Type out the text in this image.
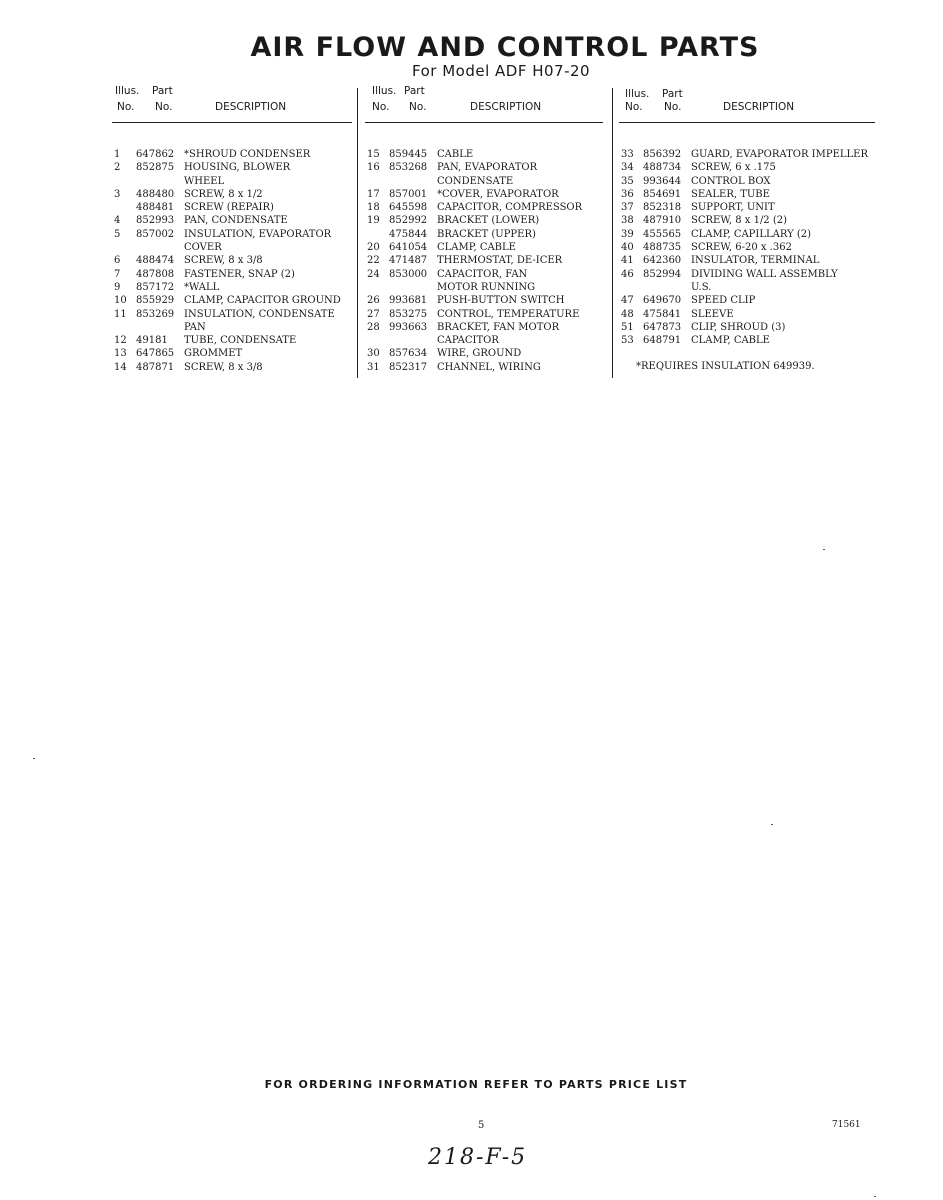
AIR FLOW AND CONTROL PARTS
For Model ADF H07-20
Illus. Part
No. No.	DESCRIPTION
1 647862 *SHROUD CONDENSER
2 852875 HOUSING, BLOWER
WHEEL
3 488480 SCREW, 8 x 1/2
488481 SCREW (REPAIR)
4 852993 PAN, CONDENSATE
5 857002 INSULATION, EVAPORATOR
COVER
6 488474 SCREW, 8 x 3/8
7 487808 FASTENER, SNAP (2)
9 857172 *WALL
10 855929 CLAMP, CAPACITOR GROUND
11 853269 INSULATION, CONDENSATE
PAN
12 49181 TUBE, CONDENSATE
13 647865 GROMMET
14 487871 SCREW, 8 x 3/8
Illus. Part
No. No.	DESCRIPTION
15 859445 CABLE
16 853268 PAN, EVAPORATOR
CONDENSATE
17 857001 *COVER, EVAPORATOR
18 645598 CAPACITOR, COMPRESSOR
19 852992 BRACKET (LOWER)
475844 BRACKET (UPPER)
20 641054 CLAMP, CABLE
22 471487 THERMOSTAT, DE-ICER
24 853000 CAPACITOR, FAN
MOTOR RUNNING
26 993681 PUSH-BUTTON SWITCH
27 853275 CONTROL, TEMPERATURE
28 993663 BRACKET, FAN MOTOR
CAPACITOR
30 857634 WIRE, GROUND
31 852317 CHANNEL, WIRING
Illus. Part
No. No.	DESCRIPTION
33 856392 GUARD, EVAPORATOR IMPELLER
34 488734 SCREW, 6 x .175
35 993644 CONTROL BOX
36 854691 SEALER, TUBE
37 852318 SUPPORT, UNIT
38 487910 SCREW, 8 x 1/2 (2)
39 455565 CLAMP, CAPILLARY (2)
40 488735 SCREW, 6-20 x .362
41 642360 INSULATOR, TERMINAL
46 852994 DIVIDING WALL ASSEMBLY
U.S.
47 649670 SPEED CLIP
48 475841 SLEEVE
51 647873 CLIP, SHROUD (3)
53 648791 CLAMP, CABLE
*REQUIRES INSULATION 649939.
FOR ORDERING INFORMATION REFER TO PARTS PRICE LIST
5	71561
218-F-5
